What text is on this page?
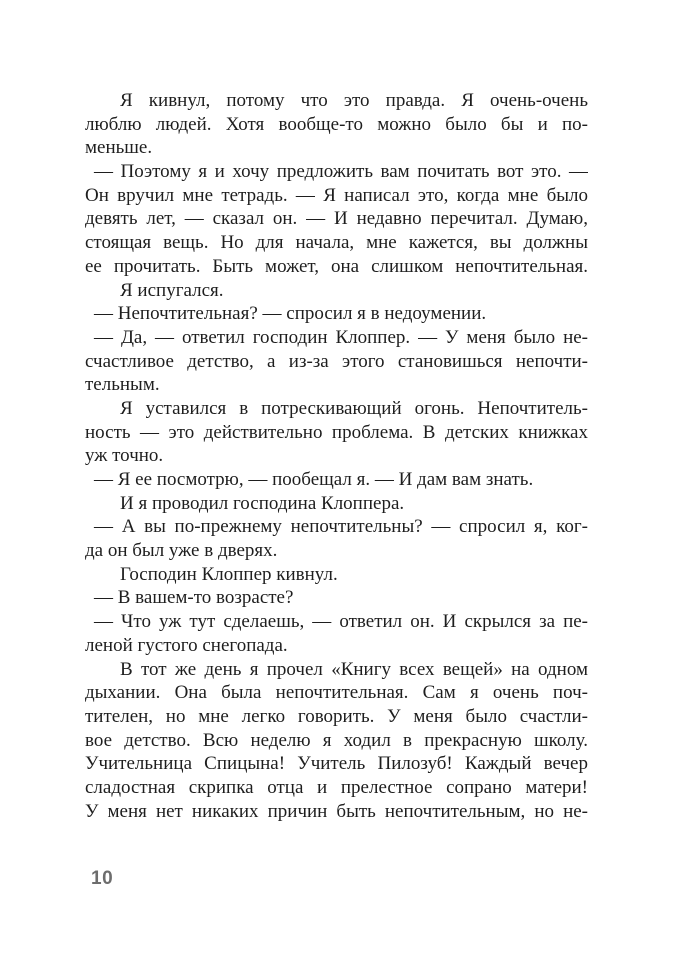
Я кивнул, потому что это правда. Я очень-очень
люблю людей. Хотя вообще-то можно было бы и по-
меньше.
— Поэтому я и хочу предложить вам почитать вот это. —
Он вручил мне тетрадь. — Я написал это, когда мне было
девять лет, — сказал он. — И недавно перечитал. Думаю,
стоящая вещь. Но для начала, мне кажется, вы должны
ее прочитать. Быть может, она слишком непочтительная.
Я испугался.
— Непочтительная? — спросил я в недоумении.
— Да, — ответил господин Клоппер. — У меня было не-
счастливое детство, а из-за этого становишься непочти-
тельным.
Я уставился в потрескивающий огонь. Непочтитель-
ность — это действительно проблема. В детских книжках
уж точно.
— Я ее посмотрю, — пообещал я. — И дам вам знать.
И я проводил господина Клоппера.
— А вы по-прежнему непочтительны? — спросил я, ког-
да он был уже в дверях.
Господин Клоппер кивнул.
— В вашем-то возрасте?
— Что уж тут сделаешь, — ответил он. И скрылся за пе-
леной густого снегопада.
В тот же день я прочел «Книгу всех вещей» на одном
дыхании. Она была непочтительная. Сам я очень поч-
тителен, но мне легко говорить. У меня было счастли-
вое детство. Всю неделю я ходил в прекрасную школу.
Учительница Спицына! Учитель Пилозуб! Каждый вечер
сладостная скрипка отца и прелестное сопрано матери!
У меня нет никаких причин быть непочтительным, но не-
10
